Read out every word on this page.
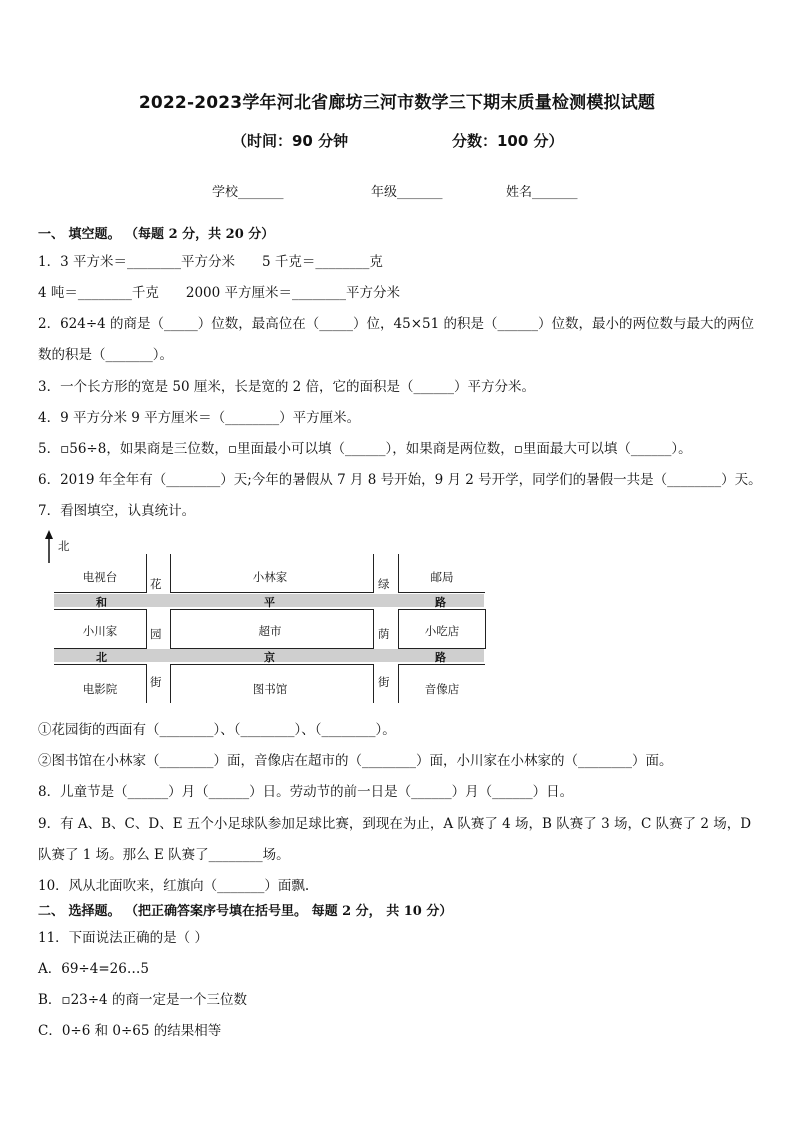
2022-2023学年河北省廊坊三河市数学三下期末质量检测模拟试题
（时间：90 分钟	分数：100 分）
学校_______	年级_______	姓名_______
一、 填空题。 （每题 2 分，共 20 分）
1．3 平方米＝________平方分米　　5 千克＝________克
4 吨＝________千克　　2000 平方厘米＝________平方分米
2．624÷4 的商是（_____）位数，最高位在（_____）位，45×51 的积是（______）位数，最小的两位数与最大的两位
数的积是（_______）。
3．一个长方形的宽是 50 厘米，长是宽的 2 倍，它的面积是（______）平方分米。
4．9 平方分米 9 平方厘米＝（________）平方厘米。
5．▫56÷8，如果商是三位数，▫里面最小可以填（______），如果商是两位数，▫里面最大可以填（______）。
6．2019 年全年有（________）天;今年的暑假从 7 月 8 号开始，9 月 2 号开学，同学们的暑假一共是（________）天。
7．看图填空，认真统计。
北
电视台	小林家	邮局
和	平	路
小川家	超市	小吃店
北	京	路
电影院	图书馆	音像店
花
园
街
绿
荫
街
①花园街的西面有（________）、（________）、（________）。
②图书馆在小林家（________）面，音像店在超市的（________）面，小川家在小林家的（________）面。
8．儿童节是（______）月（______）日。劳动节的前一日是（______）月（______）日。
9．有 A、B、C、D、E 五个小足球队参加足球比赛，到现在为止，A 队赛了 4 场，B 队赛了 3 场，C 队赛了 2 场，D
队赛了 1 场。那么 E 队赛了________场。
10．风从北面吹来，红旗向（_______）面飘.
二、 选择题。 （把正确答案序号填在括号里。 每题 2 分， 共 10 分）
11．下面说法正确的是（ ）
A．69÷4=26…5
B．▫23÷4 的商一定是一个三位数
C．0÷6 和 0÷65 的结果相等
